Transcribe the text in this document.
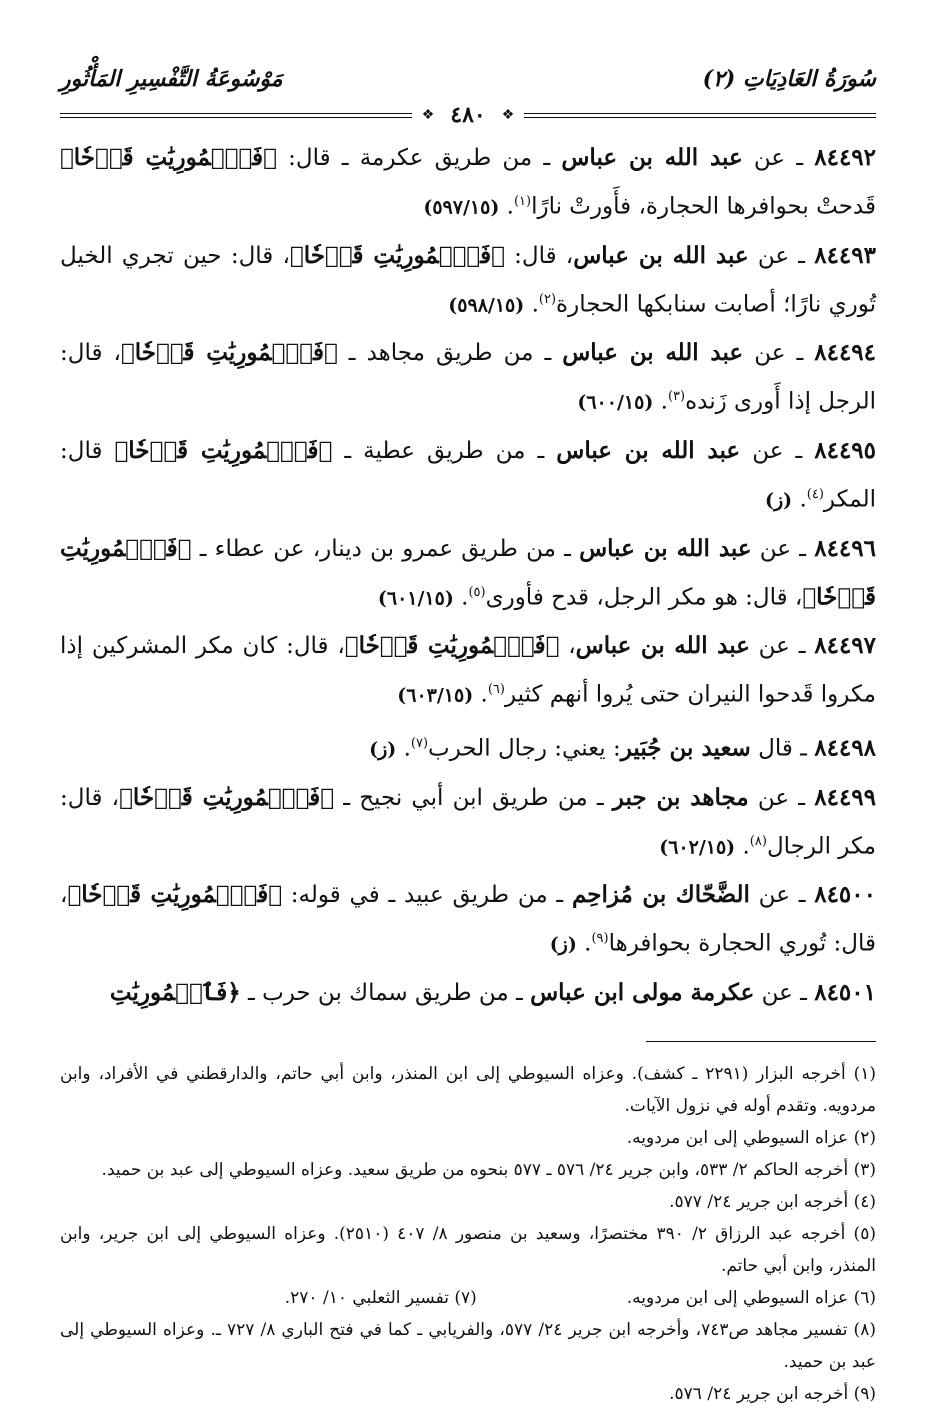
سُورَةُ العَادِيَاتِ (٢)
مَوْسُوعَةُ التَّفْسِيرِ المَأْثُورِ
❖ ٤٨٠	❖

٨٤٤٩٢ ـ عن عبد الله بن عباس ـ من طريق عكرمة ـ قال: ﴿فَٱلۡمُورِيَٰتِ قَدۡحٗا﴾ قَدحتْ بحوافرها الحجارة، فأَورتْ نارًا$^{(١)}$. (٥٩٧/١٥)

٨٤٤٩٣ ـ عن عبد الله بن عباس، قال: ﴿فَٱلۡمُورِيَٰتِ قَدۡحٗا﴾، قال: حين تجري الخيل تُوري نارًا؛ أصابت سنابكها الحجارة$^{(٢)}$. (٥٩٨/١٥)

٨٤٤٩٤ ـ عن عبد الله بن عباس ـ من طريق مجاهد ـ ﴿فَٱلۡمُورِيَٰتِ قَدۡحٗا﴾، قال: الرجل إذا أَورى زَنده$^{(٣)}$. (٦٠٠/١٥)

٨٤٤٩٥ ـ عن عبد الله بن عباس ـ من طريق عطية ـ ﴿فَٱلۡمُورِيَٰتِ قَدۡحٗا﴾ قال: المكر$^{(٤)}$. (ز)

٨٤٤٩٦ ـ عن عبد الله بن عباس ـ من طريق عمرو بن دينار، عن عطاء ـ ﴿فَٱلۡمُورِيَٰتِ قَدۡحٗا﴾، قال: هو مكر الرجل، قدح فأورى$^{(٥)}$. (٦٠١/١٥)

٨٤٤٩٧ ـ عن عبد الله بن عباس، ﴿فَٱلۡمُورِيَٰتِ قَدۡحٗا﴾، قال: كان مكر المشركين إذا مكروا قَدحوا النيران حتى يُروا أنهم كثير$^{(٦)}$. (٦٠٣/١٥)

٨٤٤٩٨ ـ قال سعيد بن جُبَير: يعني: رجال الحرب$^{(٧)}$. (ز)

٨٤٤٩٩ ـ عن مجاهد بن جبر ـ من طريق ابن أبي نجيح ـ ﴿فَٱلۡمُورِيَٰتِ قَدۡحٗا﴾، قال: مكر الرجال$^{(٨)}$. (٦٠٢/١٥)

٨٤٥٠٠ ـ عن الضَّحّاك بن مُزاحِم ـ من طريق عبيد ـ في قوله: ﴿فَٱلۡمُورِيَٰتِ قَدۡحٗا﴾، قال: تُوري الحجارة بحوافرها$^{(٩)}$. (ز)

٨٤٥٠١ ـ عن عكرمة مولى ابن عباس ـ من طريق سماك بن حرب ـ ﴿فَٱلۡمُورِيَٰتِ

(١) أخرجه البزار (٢٢٩١ ـ كشف). وعزاه السيوطي إلى ابن المنذر، وابن أبي حاتم، والدارقطني في الأفراد، وابن مردويه. وتقدم أوله في نزول الآيات.

(٢) عزاه السيوطي إلى ابن مردويه.

(٣) أخرجه الحاكم ٢/ ٥٣٣، وابن جرير ٢٤/ ٥٧٦ ـ ٥٧٧ بنحوه من طريق سعيد. وعزاه السيوطي إلى عبد بن حميد.

(٤) أخرجه ابن جرير ٢٤/ ٥٧٧.

(٥) أخرجه عبد الرزاق ٢/ ٣٩٠ مختصرًا، وسعيد بن منصور ٨/ ٤٠٧ (٢٥١٠). وعزاه السيوطي إلى ابن جرير، وابن المنذر، وابن أبي حاتم.

(٦) عزاه السيوطي إلى ابن مردويه.
(٧) تفسير الثعلبي ١٠/ ٢٧٠.

(٨) تفسير مجاهد ص٧٤٣، وأخرجه ابن جرير ٢٤/ ٥٧٧، والفريابي ـ كما في فتح الباري ٨/ ٧٢٧ ـ. وعزاه السيوطي إلى عبد بن حميد.

(٩) أخرجه ابن جرير ٢٤/ ٥٧٦.
